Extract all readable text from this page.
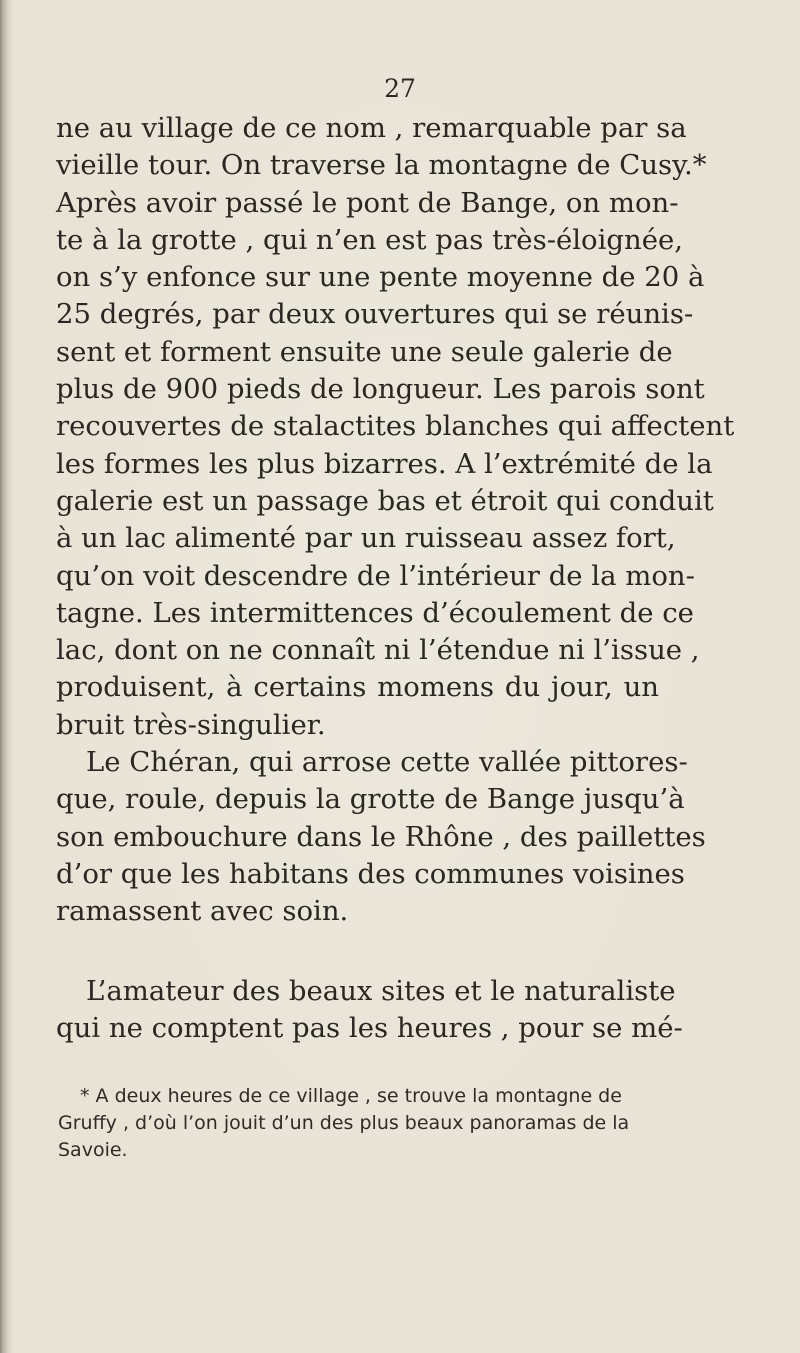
27
ne au village de ce nom , remarquable par sa
vieille tour. On traverse la montagne de Cusy.*
Après avoir passé le pont de Bange, on mon-
te à la grotte , qui n’en est pas très-éloignée,
on s’y enfonce sur une pente moyenne de 20 à
25 degrés, par deux ouvertures qui se réunis-
sent et forment ensuite une seule galerie de
plus de 900 pieds de longueur. Les parois sont
recouvertes de stalactites blanches qui affectent
les formes les plus bizarres. A l’extrémité de la
galerie est un passage bas et étroit qui conduit
à un lac alimenté par un ruisseau assez fort,
qu’on voit descendre de l’intérieur de la mon-
tagne. Les intermittences d’écoulement de ce
lac, dont on ne connaît ni l’étendue ni l’issue ,
produisent, à certains momens du jour, un
bruit très-singulier.
Le Chéran, qui arrose cette vallée pittores-
que, roule, depuis la grotte de Bange jusqu’à
son embouchure dans le Rhône , des paillettes
d’or que les habitans des communes voisines
ramassent avec soin.
L’amateur des beaux sites et le naturaliste
qui ne comptent pas les heures , pour se mé-
* A deux heures de ce village , se trouve la montagne de
Gruffy , d’où l’on jouit d’un des plus beaux panoramas de la
Savoie.
